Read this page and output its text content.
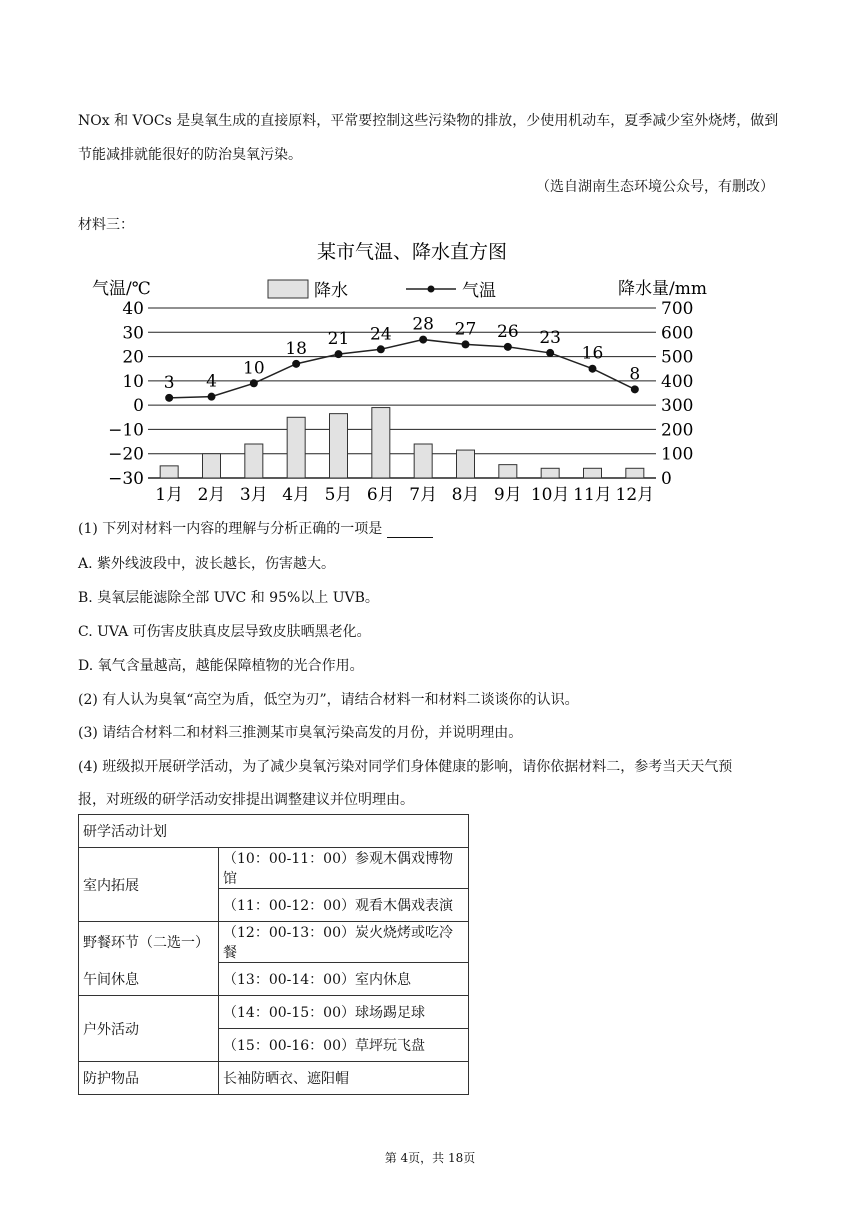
NOx 和 VOCs 是臭氧生成的直接原料，平常要控制这些污染物的排放，少使用机动车，夏季减少室外烧烤，做到节能减排就能很好的防治臭氧污染。
（选自湖南生态环境公众号，有删改）
材料三：
某市气温、降水直方图
气温/℃	降水量/mm
降水	气温
40	700
30	600
20	500
10	400
0	300
−10	200
−20	100
−30	0
1月 2月 3月 4月 5月 6月 7月 8月 9月 10月 11月 12月
3 4
10
18 21 24 28 27 26 23
16
8
(1) 下列对材料一内容的理解与分析正确的一项是
A. 紫外线波段中，波长越长，伤害越大。
B. 臭氧层能滤除全部 UVC 和 95%以上 UVB。
C. UVA 可伤害皮肤真皮层导致皮肤晒黑老化。
D. 氧气含量越高，越能保障植物的光合作用。
(2) 有人认为臭氧“高空为盾，低空为刃”，请结合材料一和材料二谈谈你的认识。
(3) 请结合材料二和材料三推测某市臭氧污染高发的月份，并说明理由。
(4) 班级拟开展研学活动，为了减少臭氧污染对同学们身体健康的影响，请你依据材料二，参考当天天气预
报，对班级的研学活动安排提出调整建议并位明理由。
研学活动计划	
室内拓展	（10：00-11：00）参观木偶戏博物馆
	（11：00-12：00）观看木偶戏表演
野餐环节（二选一）	（12：00-13：00）炭火烧烤或吃冷餐
午间休息	（13：00-14：00）室内休息
户外活动	（14：00-15：00）球场踢足球
	（15：00-16：00）草坪玩飞盘
防护物品	长袖防晒衣、遮阳帽
第 4页，共 18页
